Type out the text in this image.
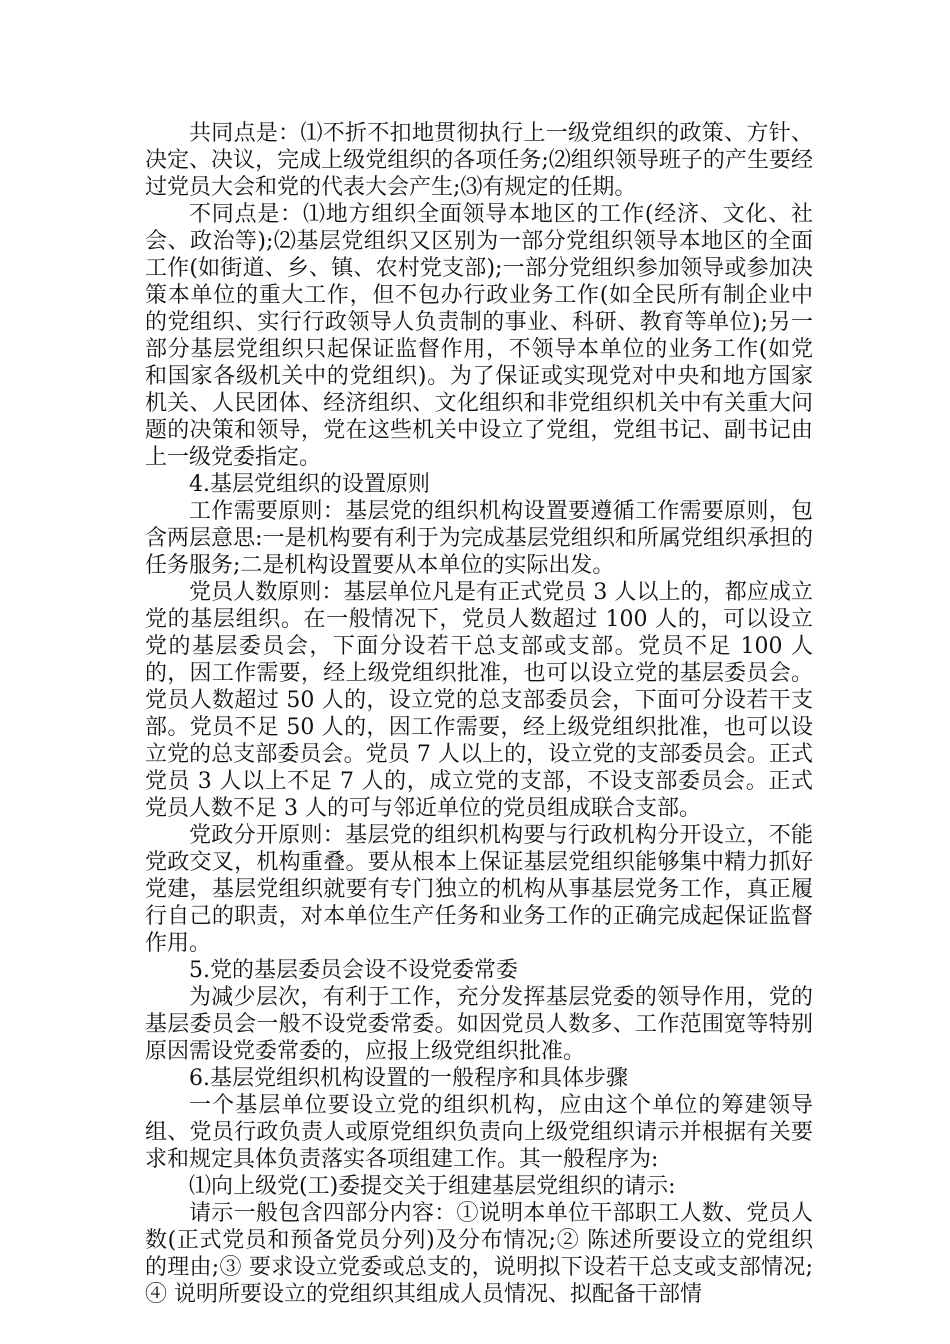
共同点是：⑴不折不扣地贯彻执行上一级党组织的政策、方针、决定、决议，完成上级党组织的各项任务;⑵组织领导班子的产生要经过党员大会和党的代表大会产生;⑶有规定的任期。

不同点是：⑴地方组织全面领导本地区的工作(经济、文化、社会、政治等);⑵基层党组织又区别为一部分党组织领导本地区的全面工作(如街道、乡、镇、农村党支部);一部分党组织参加领导或参加决策本单位的重大工作，但不包办行政业务工作(如全民所有制企业中的党组织、实行行政领导人负责制的事业、科研、教育等单位);另一部分基层党组织只起保证监督作用，不领导本单位的业务工作(如党和国家各级机关中的党组织)。为了保证或实现党对中央和地方国家机关、人民团体、经济组织、文化组织和非党组织机关中有关重大问题的决策和领导，党在这些机关中设立了党组，党组书记、副书记由上一级党委指定。

4.基层党组织的设置原则

工作需要原则：基层党的组织机构设置要遵循工作需要原则，包含两层意思:一是机构要有利于为完成基层党组织和所属党组织承担的任务服务;二是机构设置要从本单位的实际出发。

党员人数原则：基层单位凡是有正式党员 3 人以上的，都应成立党的基层组织。在一般情况下，党员人数超过 100 人的，可以设立党的基层委员会，下面分设若干总支部或支部。党员不足 100 人的，因工作需要，经上级党组织批准，也可以设立党的基层委员会。党员人数超过 50 人的，设立党的总支部委员会，下面可分设若干支部。党员不足 50 人的，因工作需要，经上级党组织批准，也可以设立党的总支部委员会。党员 7 人以上的，设立党的支部委员会。正式党员 3 人以上不足 7 人的，成立党的支部，不设支部委员会。正式党员人数不足 3 人的可与邻近单位的党员组成联合支部。

党政分开原则：基层党的组织机构要与行政机构分开设立，不能党政交叉，机构重叠。要从根本上保证基层党组织能够集中精力抓好党建，基层党组织就要有专门独立的机构从事基层党务工作，真正履行自己的职责，对本单位生产任务和业务工作的正确完成起保证监督作用。

5.党的基层委员会设不设党委常委

为减少层次，有利于工作，充分发挥基层党委的领导作用，党的基层委员会一般不设党委常委。如因党员人数多、工作范围宽等特别原因需设党委常委的，应报上级党组织批准。

6.基层党组织机构设置的一般程序和具体步骤

一个基层单位要设立党的组织机构，应由这个单位的筹建领导组、党员行政负责人或原党组织负责向上级党组织请示并根据有关要求和规定具体负责落实各项组建工作。其一般程序为:

⑴向上级党(工)委提交关于组建基层党组织的请示:

请示一般包含四部分内容：①说明本单位干部职工人数、党员人数(正式党员和预备党员分列)及分布情况;② 陈述所要设立的党组织的理由;③ 要求设立党委或总支的，说明拟下设若干总支或支部情况;④ 说明所要设立的党组织其组成人员情况、拟配备干部情
